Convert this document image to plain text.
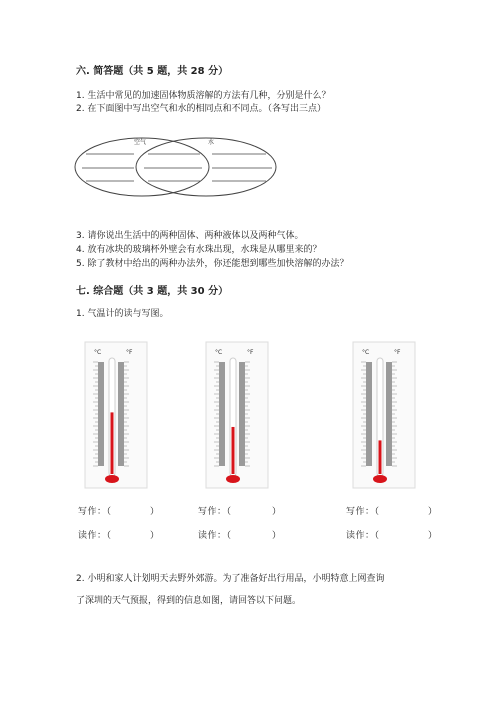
六. 简答题（共 5 题，共 28 分）
1. 生活中常见的加速固体物质溶解的方法有几种，分别是什么？
2. 在下面图中写出空气和水的相同点和不同点。（各写出三点）
空气	水
3. 请你说出生活中的两种固体、两种液体以及两种气体。
4. 放有冰块的玻璃杯外壁会有水珠出现，水珠是从哪里来的？
5. 除了教材中给出的两种办法外，你还能想到哪些加快溶解的办法？
七. 综合题（共 3 题，共 30 分）
1. 气温计的读与写图。
2. 小明和家人计划明天去野外郊游。为了准备好出行用品，小明特意上网查询
了深圳的天气预报，得到的信息如图，请回答以下问题。
°C	°F
写作：（	）
读作：（	）
°C	°F
写作：（	）
读作：（	）
°C	°F
写作：（	）
读作：（	）
